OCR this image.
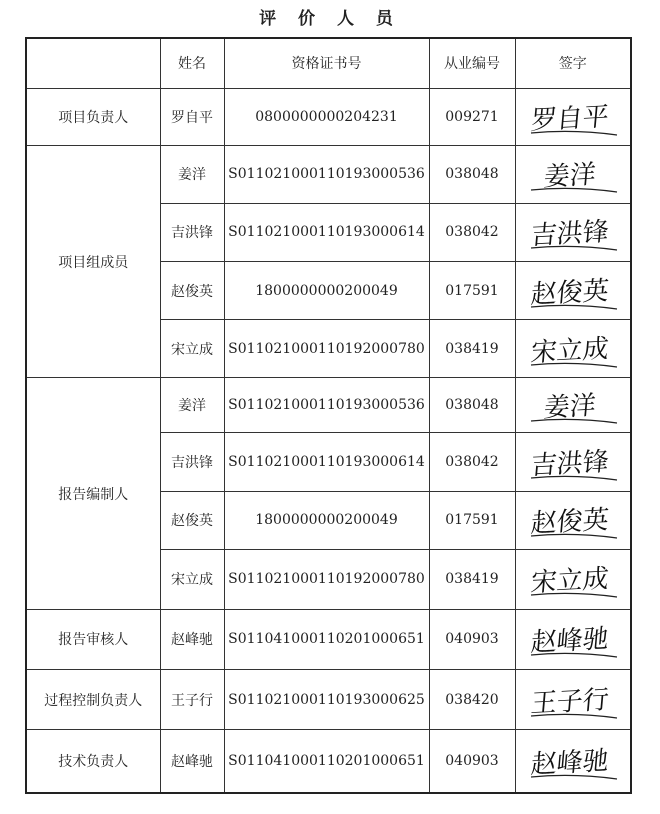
评 价 人 员
	姓名	资格证书号	从业编号	签字
项目负责人	罗自平	0800000000204231	009271	罗自平

项目组成员	姜洋	S011021000110193000536	038048	姜洋

	吉洪锋	S011021000110193000614	038042	吉洪锋

	赵俊英	1800000000200049	017591	赵俊英

	宋立成	S011021000110192000780	038419	宋立成

报告编制人	姜洋	S011021000110193000536	038048	姜洋

	吉洪锋	S011021000110193000614	038042	吉洪锋

	赵俊英	1800000000200049	017591	赵俊英

	宋立成	S011021000110192000780	038419	宋立成

报告审核人	赵峰驰	S011041000110201000651	040903	赵峰驰

过程控制负责人	王子行	S011021000110193000625	038420	王子行

技术负责人	赵峰驰	S011041000110201000651	040903	赵峰驰
